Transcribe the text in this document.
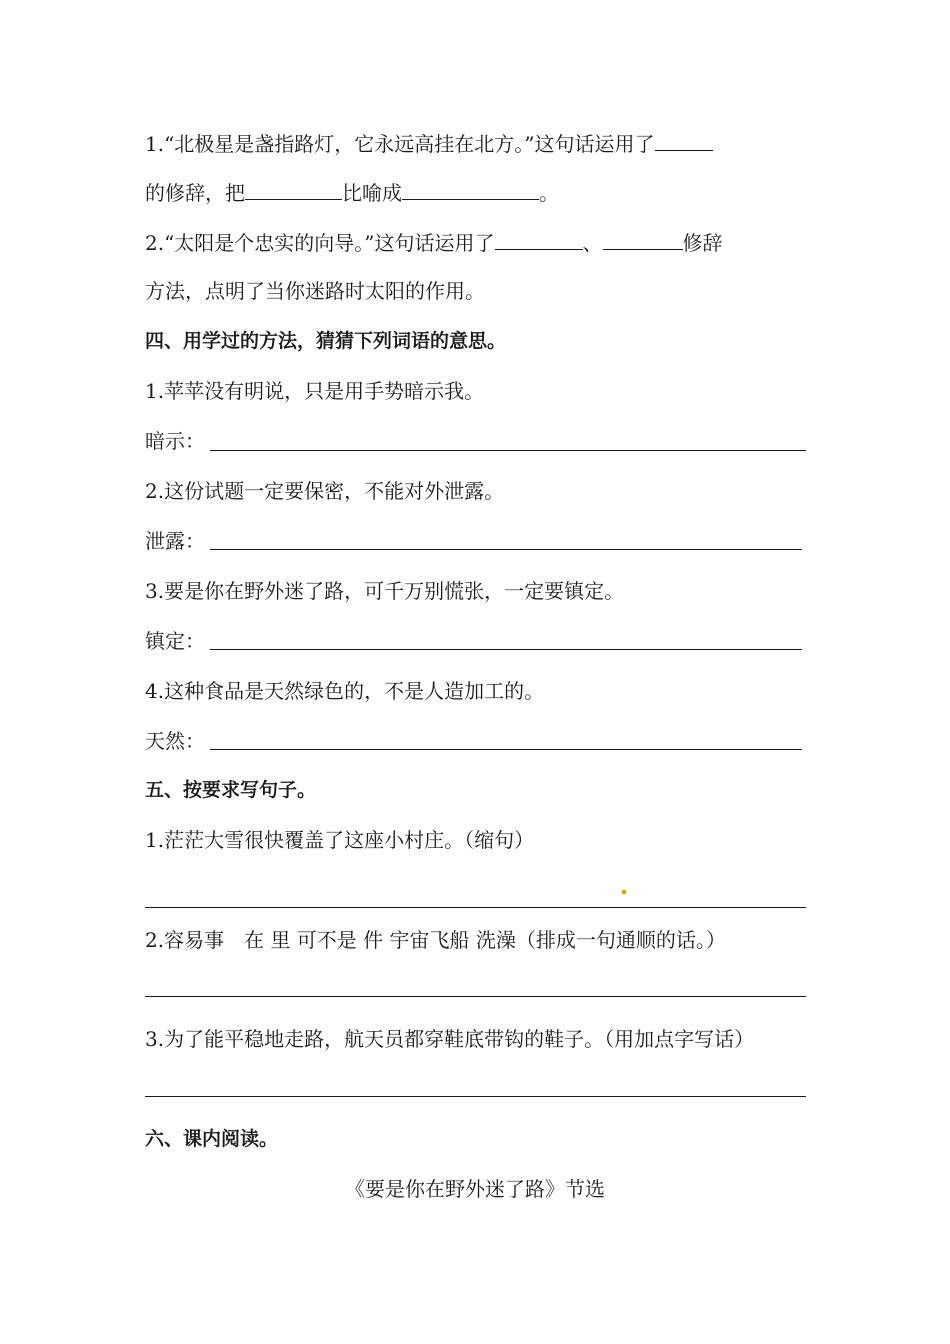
1.“北极星是盏指路灯，它永远高挂在北方。”这句话运用了
的修辞，把	比喻成	。
2.“太阳是个忠实的向导。”这句话运用了	、	修辞
方法，点明了当你迷路时太阳的作用。
四、用学过的方法，猜猜下列词语的意思。
1.苹苹没有明说，只是用手势暗示我。
暗示：
2.这份试题一定要保密，不能对外泄露。
泄露：
3.要是你在野外迷了路，可千万别慌张，一定要镇定。
镇定：
4.这种食品是天然绿色的，不是人造加工的。
天然：
五、按要求写句子。
1.茫茫大雪很快覆盖了这座小村庄。（缩句）
2.容易事　在 里 可不是 件 宇宙飞船 洗澡（排成一句通顺的话。）
3.为了能平稳地走路，航天员都穿鞋底带钩的鞋子。（用加点字写话）
六、课内阅读。
《要是你在野外迷了路》节选
